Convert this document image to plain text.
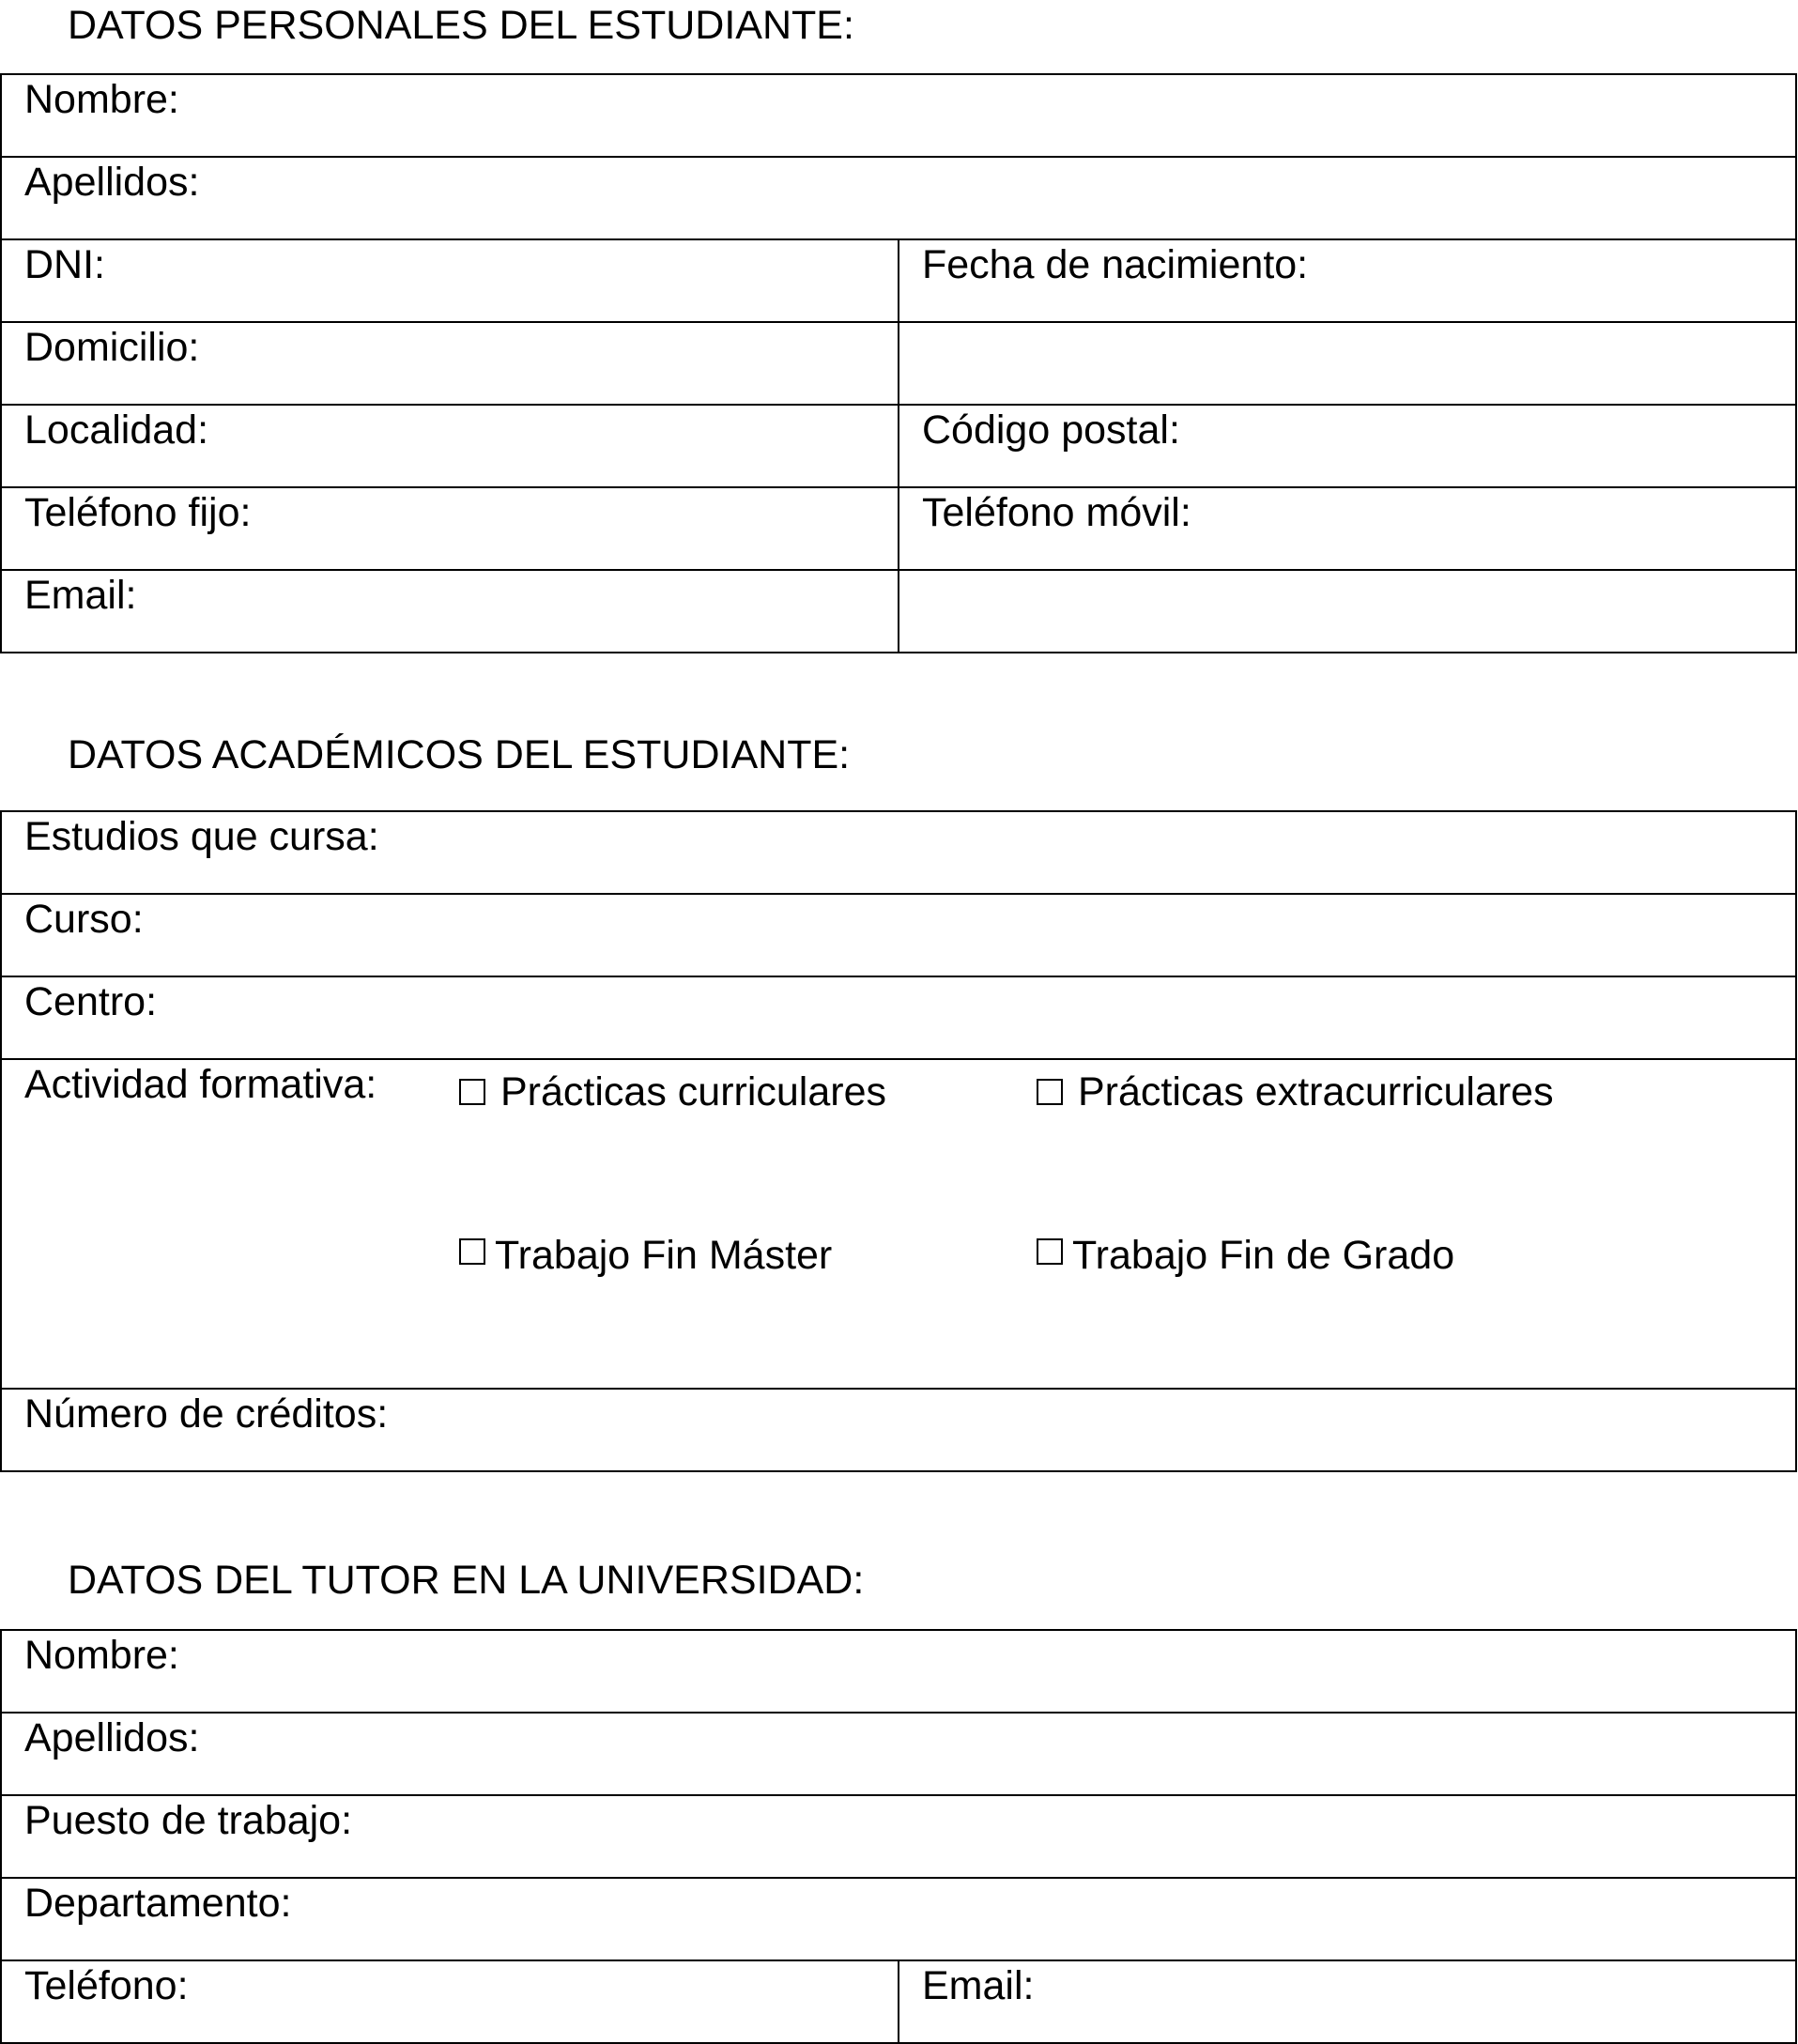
DATOS PERSONALES DEL ESTUDIANTE:
Nombre:	
Apellidos:	
DNI:	Fecha de nacimiento:
Domicilio:	
Localidad:	Código postal:
Teléfono fijo:	Teléfono móvil:
Email:	
DATOS ACADÉMICOS DEL ESTUDIANTE:
Estudios que cursa:
Curso:
Centro:

Actividad formativa:	Prácticas curriculares	Prácticas extracurriculares
Trabajo Fin Máster	Trabajo Fin de Grado

Número de créditos:
DATOS DEL TUTOR EN LA UNIVERSIDAD:
Nombre:
Apellidos:
Puesto de trabajo:
Departamento:
Teléfono:	Email:
